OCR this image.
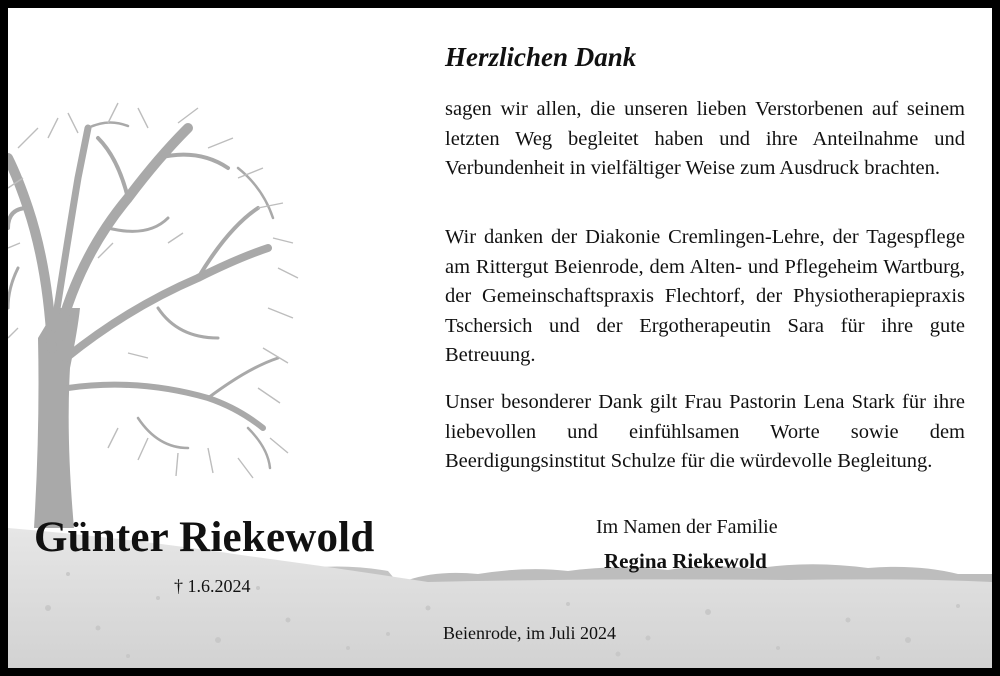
Herzlichen Dank

sagen wir allen, die unseren lieben Verstorbenen auf seinem letzten Weg begleitet haben und ihre Anteilnahme und Verbundenheit in vielfältiger Weise zum Ausdruck brachten.

Wir danken der Diakonie Cremlingen-Lehre, der Tagespflege am Rittergut Beienrode, dem Alten- und Pflegeheim Wartburg, der Gemeinschaftspraxis Flechtorf, der Physiotherapiepraxis Tschersich und der Ergotherapeutin Sara für ihre gute Betreuung.

Unser besonderer Dank gilt Frau Pastorin Lena Stark für ihre liebevollen und einfühlsamen Worte sowie dem Beerdigungsinstitut Schulze für die würdevolle Begleitung.

Günter Riekewold
† 1.6.2024
Im Namen der Familie
Regina Riekewold
Beienrode, im Juli 2024
